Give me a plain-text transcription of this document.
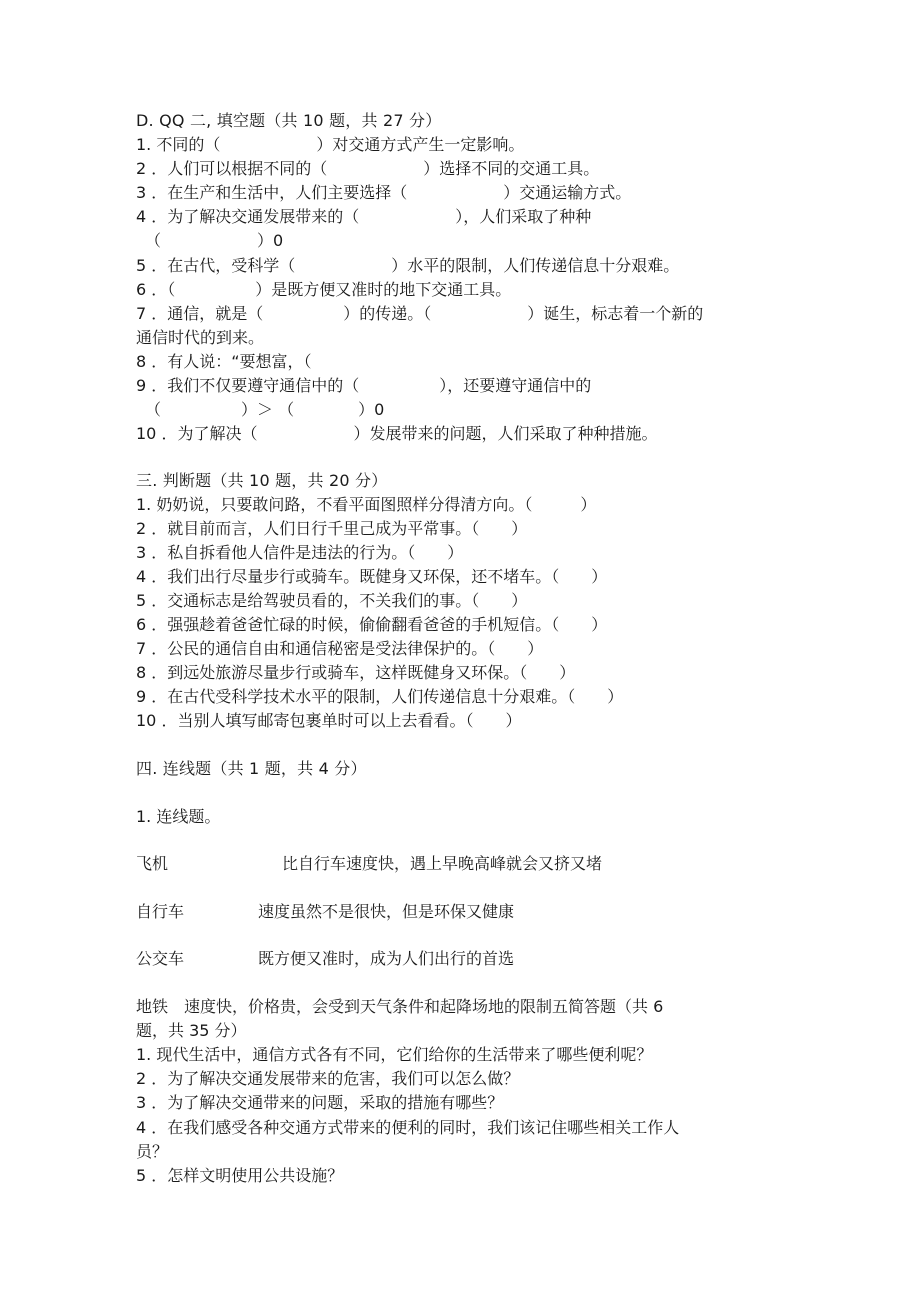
D. QQ 二, 填空题（共 10 题，共 27 分）

1. 不同的（　　　　　　）对交通方式产生一定影响。

2 ．人们可以根据不同的（　　　　　　）选择不同的交通工具。

3 ．在生产和生活中，人们主要选择（　　　　　　）交通运输方式。

4 ．为了解决交通发展带来的（　　　　　　），人们采取了种种

（　　　　　　）0

5 ．在古代，受科学（　　　　　　）水平的限制，人们传递信息十分艰难。

6 ．（　　　　　）是既方便又准时的地下交通工具。

7 ．通信，就是（　　　　　）的传递。（　　　　　　）诞生，标志着一个新的

通信时代的到来。

8 ．有人说：“要想富，（

9 ．我们不仅要遵守通信中的（　　　　　），还要遵守通信中的

（　　　　　）＞ （　　　　）0

10 ．为了解决（　　　　　　）发展带来的问题，人们采取了种种措施。

三. 判断题（共 10 题，共 20 分）

1. 奶奶说，只要敢问路，不看平面图照样分得清方向。（　　　）

2 ．就目前而言，人们日行千里己成为平常事。（　　）

3 ．私自拆看他人信件是违法的行为。（　　）

4 ．我们出行尽量步行或骑车。既健身又环保，还不堵车。（　　）

5 ．交通标志是给驾驶员看的，不关我们的事。（　　）

6 ．强强趁着爸爸忙碌的时候，偷偷翻看爸爸的手机短信。（　　）

7 ．公民的通信自由和通信秘密是受法律保护的。（　　）

8 ．到远处旅游尽量步行或骑车，这样既健身又环保。（　　）

9 ．在古代受科学技术水平的限制，人们传递信息十分艰难。（　　）

10 ．当别人填写邮寄包裹单时可以上去看看。（　　）

四. 连线题（共 1 题，共 4 分）

1. 连线题。

飞机	比自行车速度快，遇上早晚高峰就会又挤又堵

自行车	速度虽然不是很快，但是环保又健康

公交车	既方便又准时，成为人们出行的首选

地铁　速度快，价格贵，会受到天气条件和起降场地的限制五简答题（共 6

题，共 35 分）

1. 现代生活中，通信方式各有不同，它们给你的生活带来了哪些便利呢？

2 ．为了解决交通发展带来的危害，我们可以怎么做？

3 ．为了解决交通带来的问题，采取的措施有哪些？

4 ．在我们感受各种交通方式带来的便利的同时，我们该记住哪些相关工作人

员？

5 ．怎样文明使用公共设施？
